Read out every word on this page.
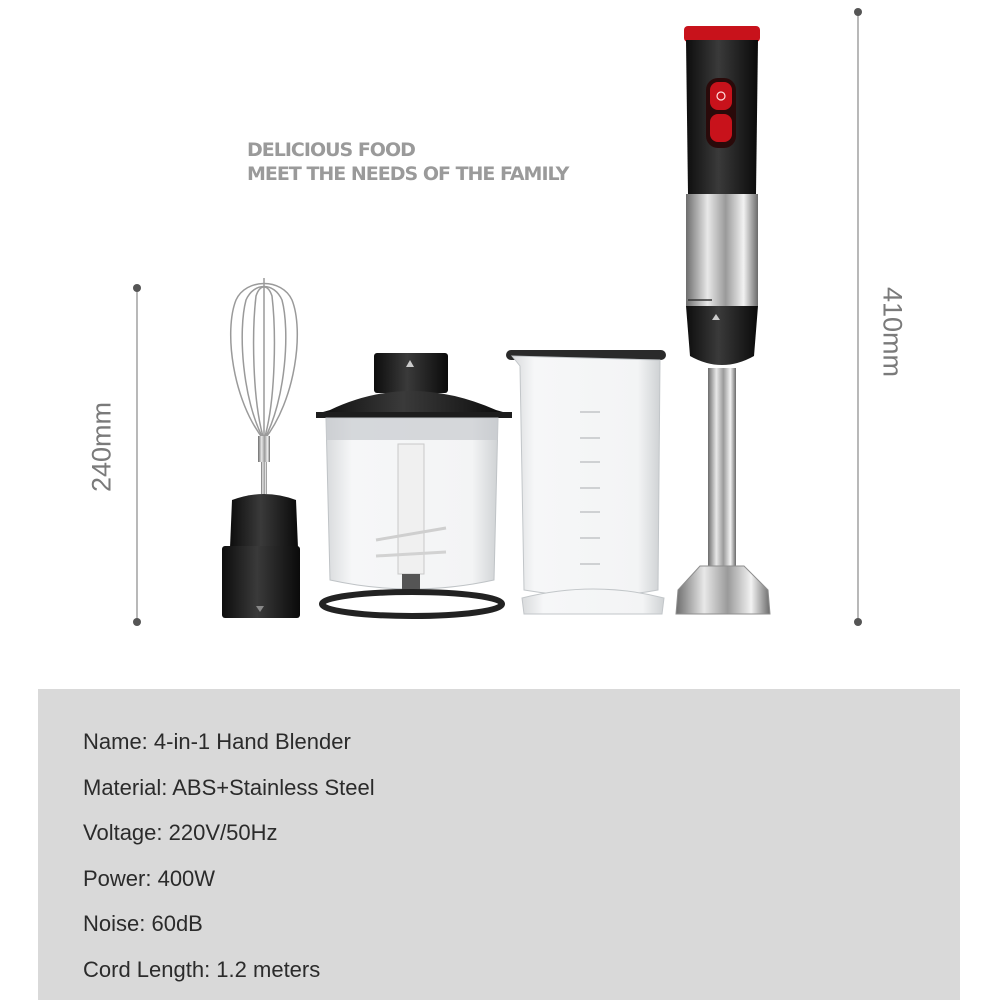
DELICIOUS FOOD
MEET THE NEEDS OF THE FAMILY
240mm
410mm
Name: 4-in-1 Hand Blender
Material: ABS+Stainless Steel
Voltage: 220V/50Hz
Power: 400W
Noise: 60dB
Cord Length: 1.2 meters
